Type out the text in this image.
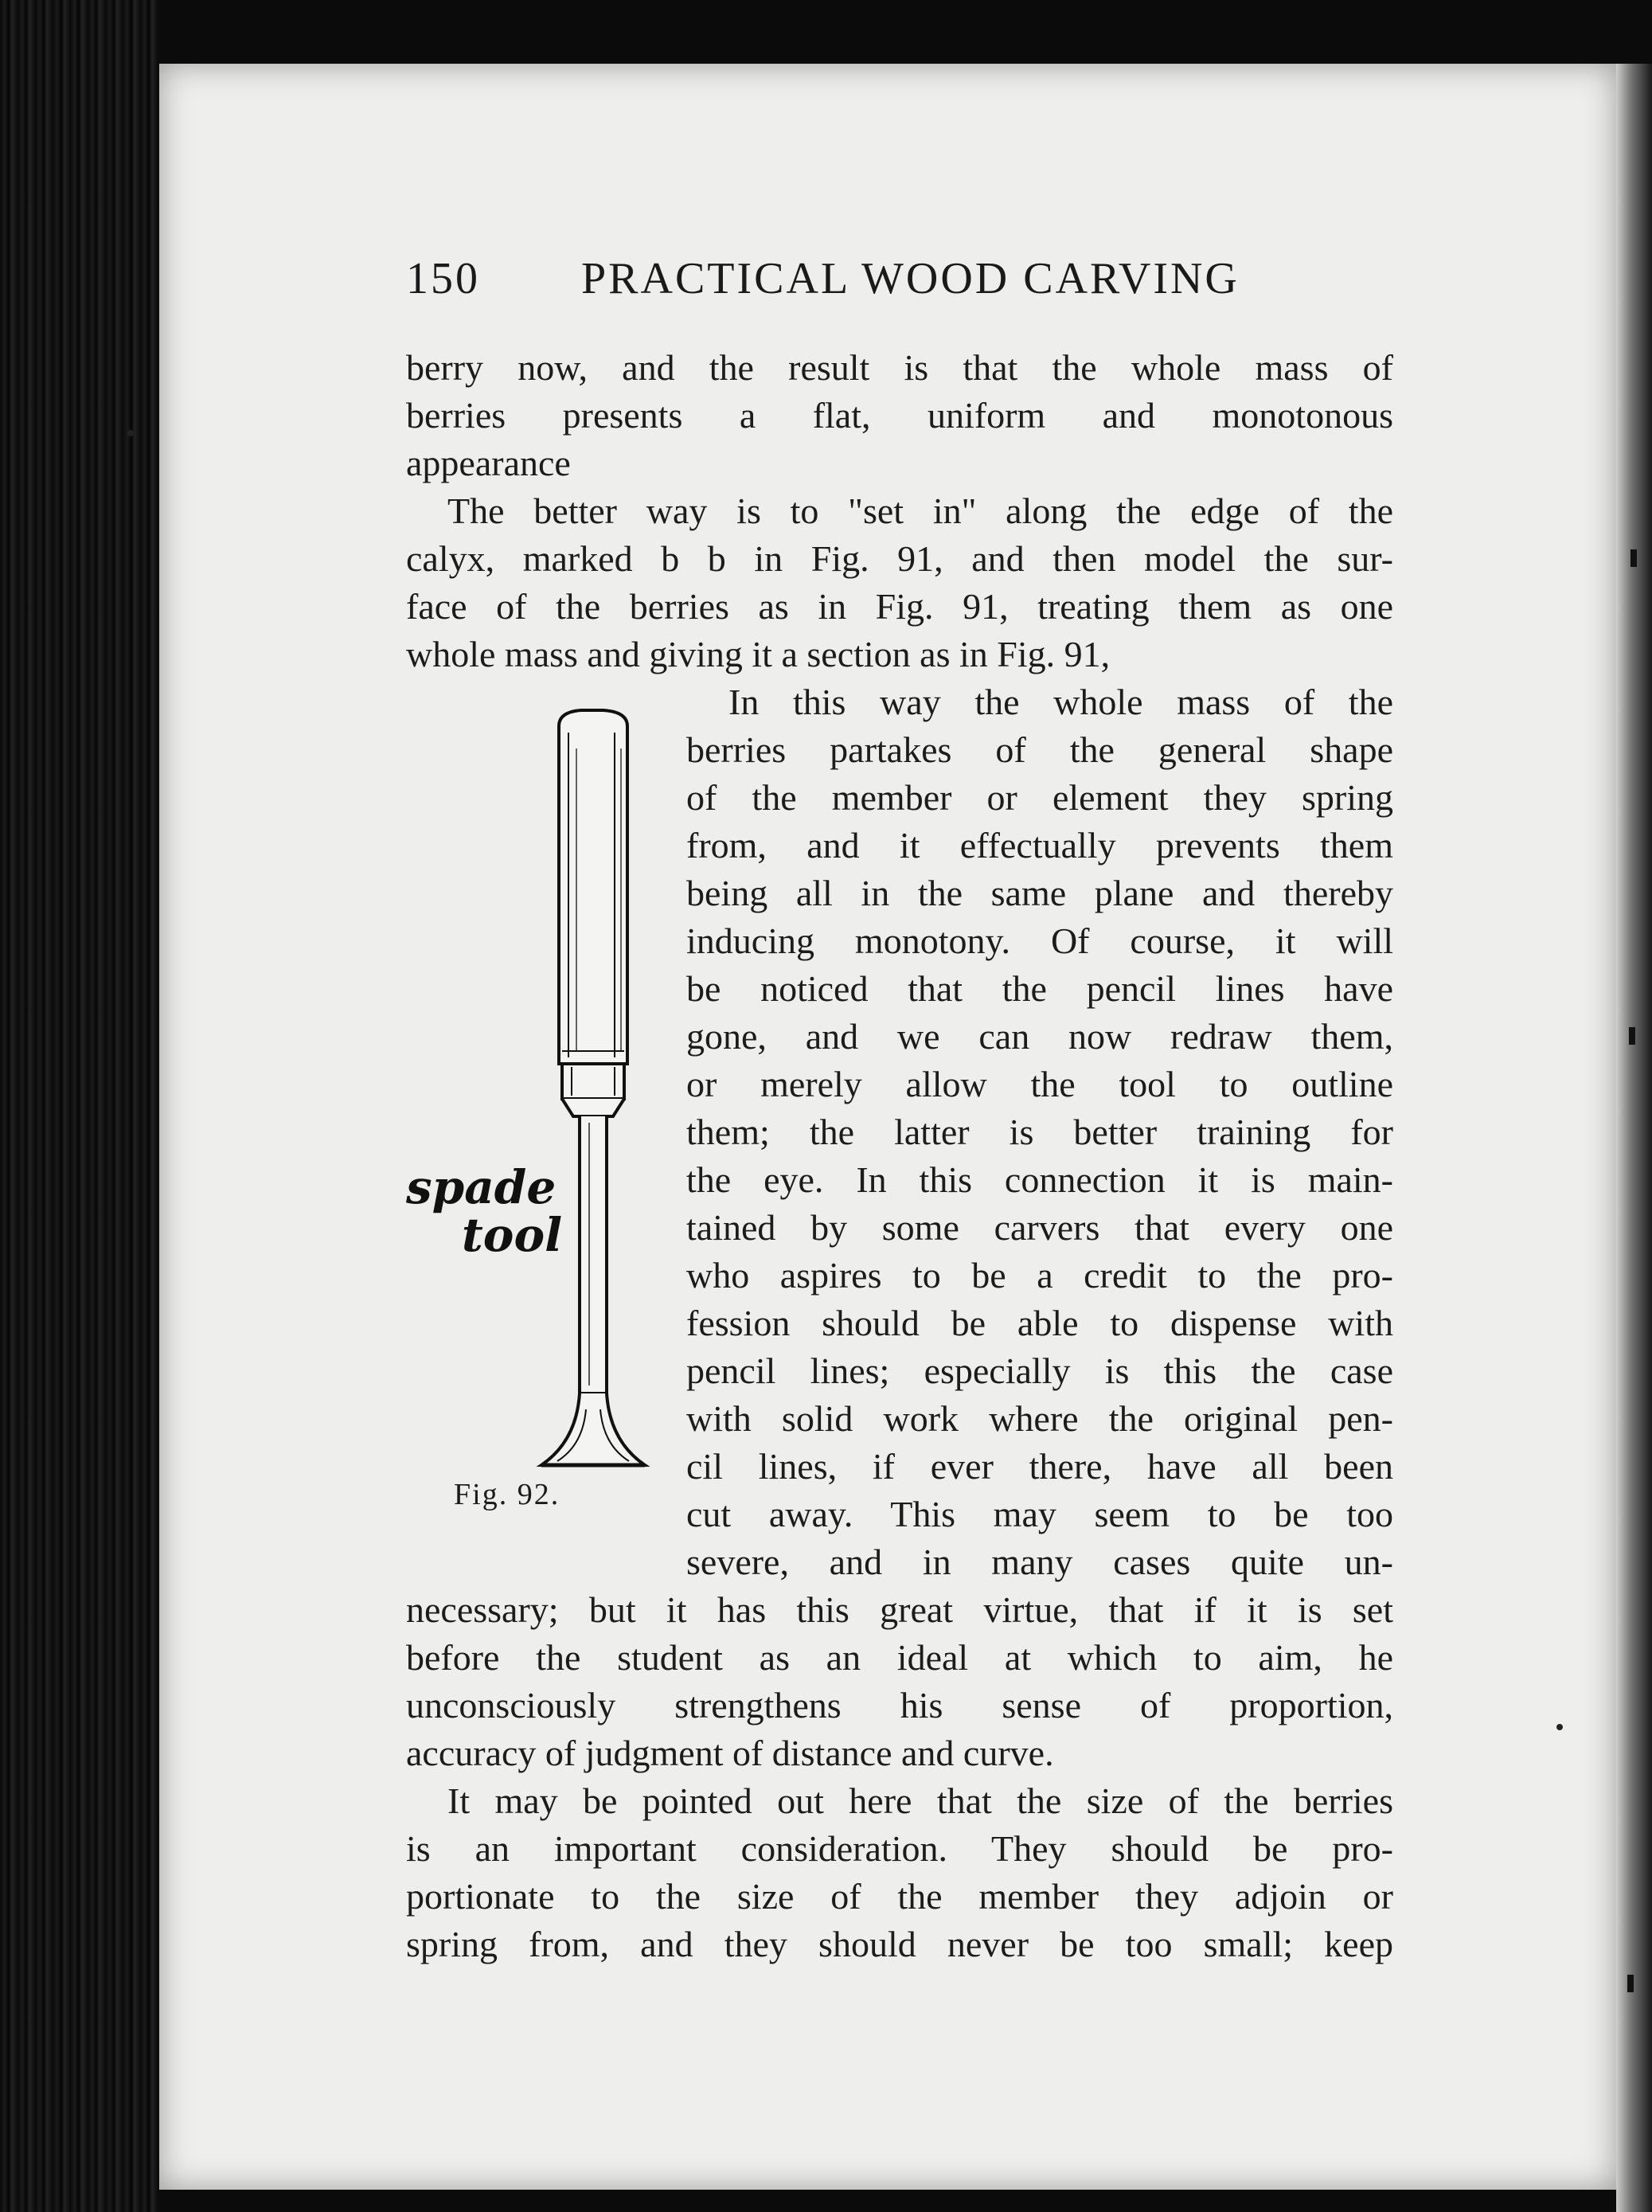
150 PRACTICAL WOOD CARVING
berry now, and the result is that the whole mass of
berries presents a flat, uniform and monotonous
appearance
The better way is to "set in" along the edge of the
calyx, marked b b in Fig. 91, and then model the sur-
face of the berries as in Fig. 91, treating them as one
whole mass and giving it a section as in Fig. 91,
In this way the whole mass of the
berries partakes of the general shape
of the member or element they spring
from, and it effectually prevents them
being all in the same plane and thereby
inducing monotony. Of course, it will
be noticed that the pencil lines have
gone, and we can now redraw them,
or merely allow the tool to outline
them; the latter is better training for
the eye. In this connection it is main-
tained by some carvers that every one
who aspires to be a credit to the pro-
fession should be able to dispense with
pencil lines; especially is this the case
with solid work where the original pen-
cil lines, if ever there, have all been
cut away. This may seem to be too
severe, and in many cases quite un-
necessary; but it has this great virtue, that if it is set
before the student as an ideal at which to aim, he
unconsciously strengthens his sense of proportion,
accuracy of judgment of distance and curve.
It may be pointed out here that the size of the berries
is an important consideration. They should be pro-
portionate to the size of the member they adjoin or
spring from, and they should never be too small; keep
spade
tool
Fig. 92.
